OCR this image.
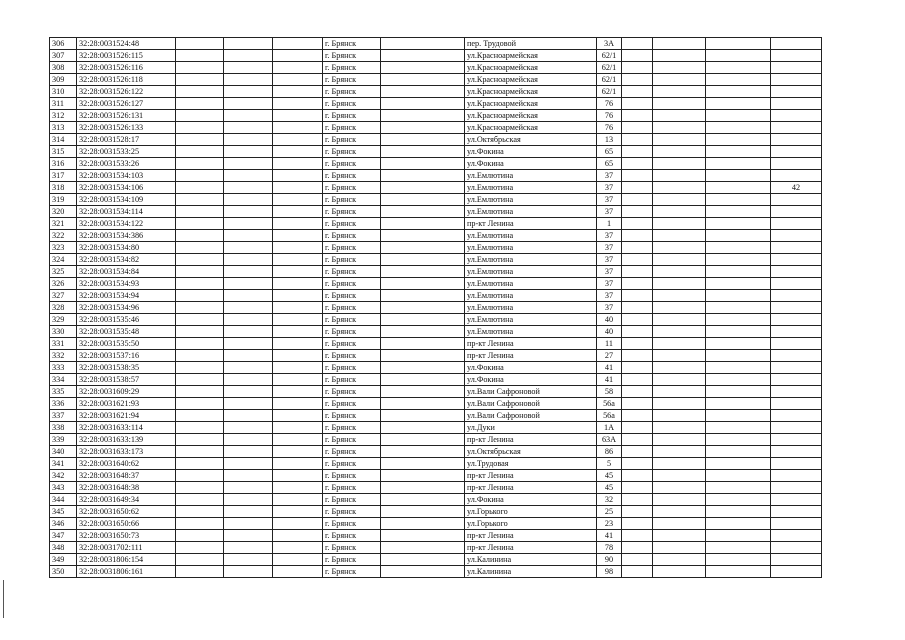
306	32:28:0031524:48				г. Брянск		пер. Трудовой	3А				
307	32:28:0031526:115				г. Брянск		ул.Красноармейская	62/1				
308	32:28:0031526:116				г. Брянск		ул.Красноармейская	62/1				
309	32:28:0031526:118				г. Брянск		ул.Красноармейская	62/1				
310	32:28:0031526:122				г. Брянск		ул.Красноармейская	62/1				
311	32:28:0031526:127				г. Брянск		ул.Красноармейская	76				
312	32:28:0031526:131				г. Брянск		ул.Красноармейская	76				
313	32:28:0031526:133				г. Брянск		ул.Красноармейская	76				
314	32:28:0031528:17				г. Брянск		ул.Октябрьская	13				
315	32:28:0031533:25				г. Брянск		ул.Фокина	65				
316	32:28:0031533:26				г. Брянск		ул.Фокина	65				
317	32:28:0031534:103				г. Брянск		ул.Емлютина	37				
318	32:28:0031534:106				г. Брянск		ул.Емлютина	37				42
319	32:28:0031534:109				г. Брянск		ул.Емлютина	37				
320	32:28:0031534:114				г. Брянск		ул.Емлютина	37				
321	32:28:0031534:122				г. Брянск		пр-кт Ленина	1				
322	32:28:0031534:386				г. Брянск		ул.Емлютина	37				
323	32:28:0031534:80				г. Брянск		ул.Емлютина	37				
324	32:28:0031534:82				г. Брянск		ул.Емлютина	37				
325	32:28:0031534:84				г. Брянск		ул.Емлютина	37				
326	32:28:0031534:93				г. Брянск		ул.Емлютина	37				
327	32:28:0031534:94				г. Брянск		ул.Емлютина	37				
328	32:28:0031534:96				г. Брянск		ул.Емлютина	37				
329	32:28:0031535:46				г. Брянск		ул.Емлютина	40				
330	32:28:0031535:48				г. Брянск		ул.Емлютина	40				
331	32:28:0031535:50				г. Брянск		пр-кт Ленина	11				
332	32:28:0031537:16				г. Брянск		пр-кт Ленина	27				
333	32:28:0031538:35				г. Брянск		ул.Фокина	41				
334	32:28:0031538:57				г. Брянск		ул.Фокина	41				
335	32:28:0031609:29				г. Брянск		ул.Вали Сафроновой	58				
336	32:28:0031621:93				г. Брянск		ул.Вали Сафроновой	56а				
337	32:28:0031621:94				г. Брянск		ул.Вали Сафроновой	56а				
338	32:28:0031633:114				г. Брянск		ул.Дуки	1А				
339	32:28:0031633:139				г. Брянск		пр-кт Ленина	63А				
340	32:28:0031633:173				г. Брянск		ул.Октябрьская	86				
341	32:28:0031640:62				г. Брянск		ул.Трудовая	5				
342	32:28:0031648:37				г. Брянск		пр-кт Ленина	45				
343	32:28:0031648:38				г. Брянск		пр-кт Ленина	45				
344	32:28:0031649:34				г. Брянск		ул.Фокина	32				
345	32:28:0031650:62				г. Брянск		ул.Горького	25				
346	32:28:0031650:66				г. Брянск		ул.Горького	23				
347	32:28:0031650:73				г. Брянск		пр-кт Ленина	41				
348	32:28:0031702:111				г. Брянск		пр-кт Ленина	78				
349	32:28:0031806:154				г. Брянск		ул.Калинина	90				
350	32:28:0031806:161				г. Брянск		ул.Калинина	98				
